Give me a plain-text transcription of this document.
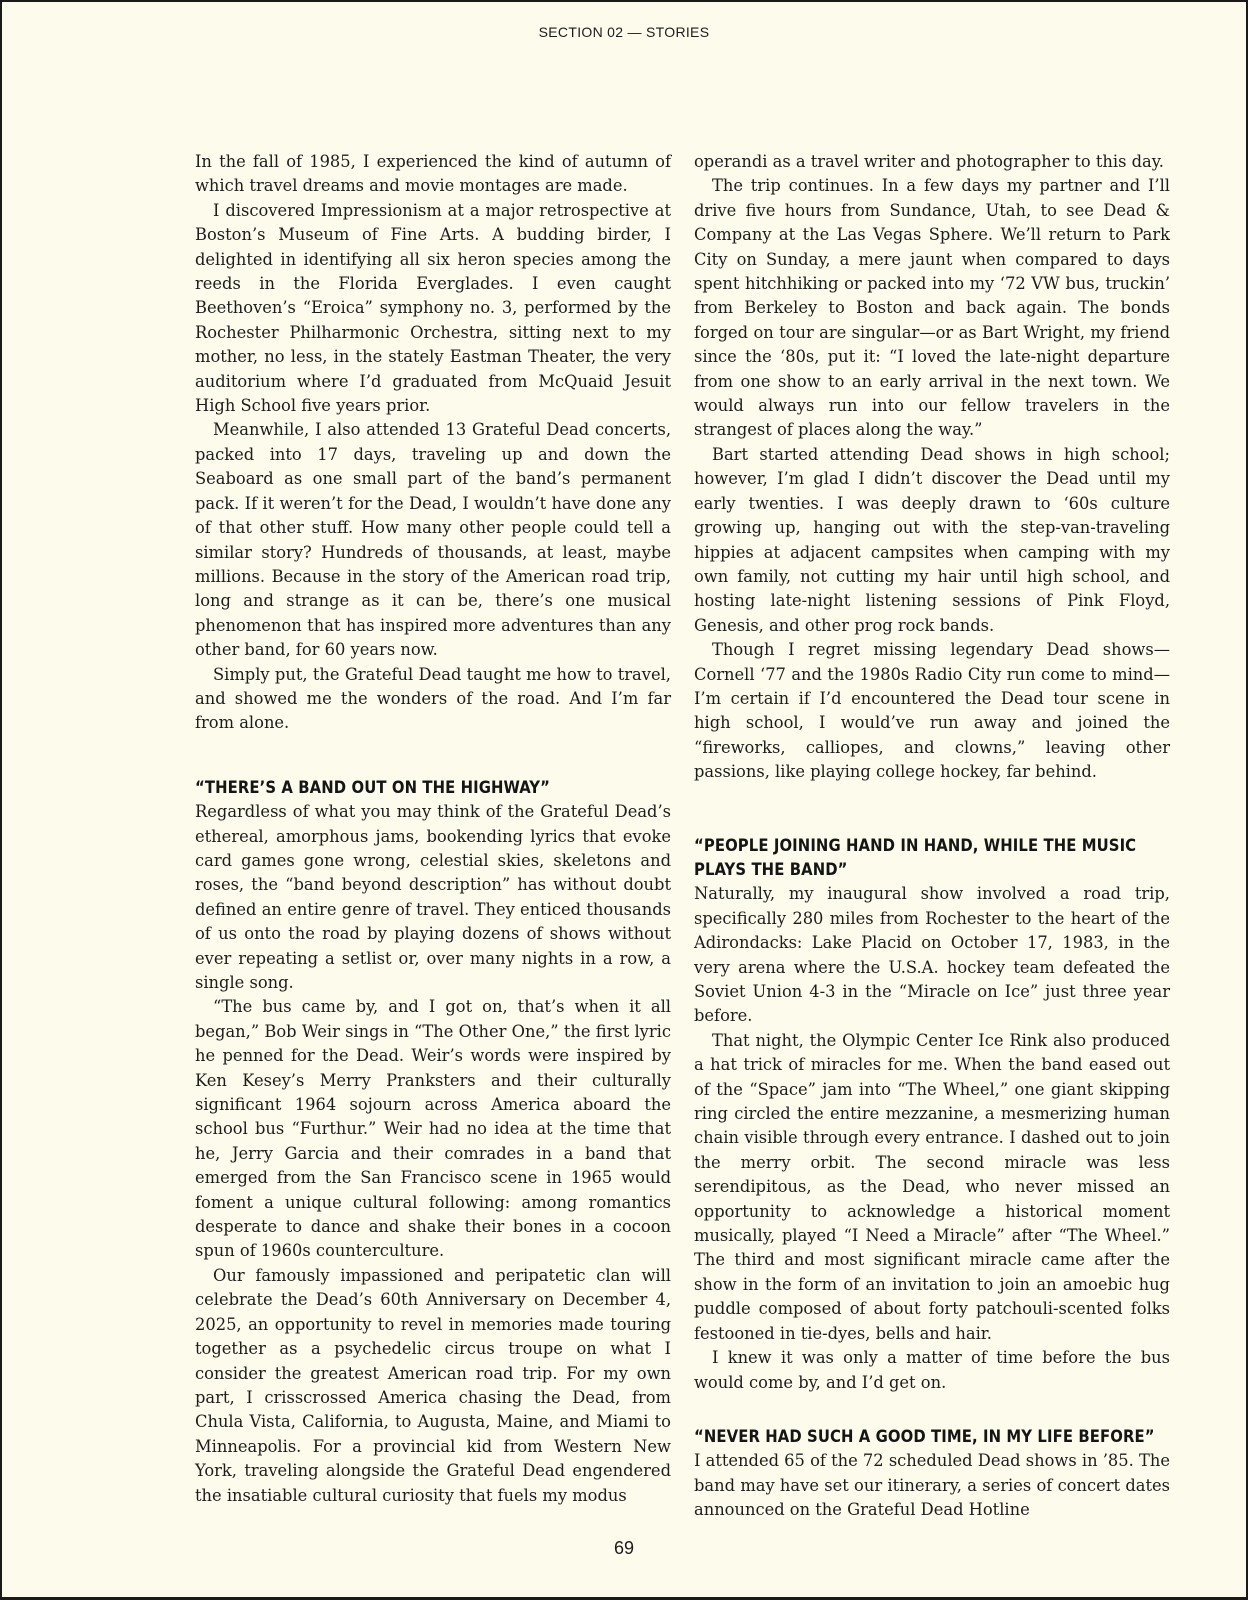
SECTION 02 — STORIES

In the fall of 1985, I experienced the kind of autumn of which travel dreams and movie montages are made.

I discovered Impressionism at a major retrospective at Boston’s Museum of Fine Arts. A budding birder, I delighted in identifying all six heron species among the reeds in the Florida Everglades. I even caught Beethoven’s “Eroica” symphony no. 3, performed by the Rochester Philharmonic Orchestra, sitting next to my mother, no less, in the stately Eastman Theater, the very auditorium where I’d graduated from McQuaid Jesuit High School five years prior.

Meanwhile, I also attended 13 Grateful Dead concerts, packed into 17 days, traveling up and down the Seaboard as one small part of the band’s permanent pack. If it weren’t for the Dead, I wouldn’t have done any of that other stuff. How many other people could tell a similar story? Hundreds of thousands, at least, maybe millions. Because in the story of the American road trip, long and strange as it can be, there’s one musical phenomenon that has inspired more adventures than any other band, for 60 years now.

Simply put, the Grateful Dead taught me how to travel, and showed me the wonders of the road. And I’m far from alone.

“THERE’S A BAND OUT ON THE HIGHWAY”

Regardless of what you may think of the Grateful Dead’s ethereal, amorphous jams, bookending lyrics that evoke card games gone wrong, celestial skies, skeletons and roses, the “band beyond description” has without doubt defined an entire genre of travel. They enticed thousands of us onto the road by playing dozens of shows without ever repeating a setlist or, over many nights in a row, a single song.

“The bus came by, and I got on, that’s when it all began,” Bob Weir sings in “The Other One,” the first lyric he penned for the Dead. Weir’s words were inspired by Ken Kesey’s Merry Pranksters and their culturally significant 1964 sojourn across America aboard the school bus “Furthur.” Weir had no idea at the time that he, Jerry Garcia and their comrades in a band that emerged from the San Francisco scene in 1965 would foment a unique cultural following: among romantics desperate to dance and shake their bones in a cocoon spun of 1960s counterculture.

Our famously impassioned and peripatetic clan will celebrate the Dead’s 60th Anniversary on December 4, 2025, an opportunity to revel in memories made touring together as a psychedelic circus troupe on what I consider the greatest American road trip. For my own part, I crisscrossed America chasing the Dead, from Chula Vista, California, to Augusta, Maine, and Miami to Minneapolis. For a provincial kid from Western New York, traveling alongside the Grateful Dead engendered the insatiable cultural curiosity that fuels my modus

operandi as a travel writer and photographer to this day.

The trip continues. In a few days my partner and I’ll drive five hours from Sundance, Utah, to see Dead & Company at the Las Vegas Sphere. We’ll return to Park City on Sunday, a mere jaunt when compared to days spent hitchhiking or packed into my ‘72 VW bus, truckin’ from Berkeley to Boston and back again. The bonds forged on tour are singular—or as Bart Wright, my friend since the ‘80s, put it: “I loved the late-night departure from one show to an early arrival in the next town. We would always run into our fellow travelers in the strangest of places along the way.”

Bart started attending Dead shows in high school; however, I’m glad I didn’t discover the Dead until my early twenties. I was deeply drawn to ‘60s culture growing up, hanging out with the step-van-traveling hippies at adjacent campsites when camping with my own family, not cutting my hair until high school, and hosting late-night listening sessions of Pink Floyd, Genesis, and other prog rock bands.

Though I regret missing legendary Dead shows—Cornell ‘77 and the 1980s Radio City run come to mind—I’m certain if I’d encountered the Dead tour scene in high school, I would’ve run away and joined the “fireworks, calliopes, and clowns,” leaving other passions, like playing college hockey, far behind.

“PEOPLE JOINING HAND IN HAND, WHILE THE MUSIC PLAYS THE BAND”

Naturally, my inaugural show involved a road trip, specifically 280 miles from Rochester to the heart of the Adirondacks: Lake Placid on October 17, 1983, in the very arena where the U.S.A. hockey team defeated the Soviet Union 4-3 in the “Miracle on Ice” just three year before.

That night, the Olympic Center Ice Rink also produced a hat trick of miracles for me. When the band eased out of the “Space” jam into “The Wheel,” one giant skipping ring circled the entire mezzanine, a mesmerizing human chain visible through every entrance. I dashed out to join the merry orbit. The second miracle was less serendipitous, as the Dead, who never missed an opportunity to acknowledge a historical moment musically, played “I Need a Miracle” after “The Wheel.” The third and most significant miracle came after the show in the form of an invitation to join an amoebic hug puddle composed of about forty patchouli-scented folks festooned in tie-dyes, bells and hair.

I knew it was only a matter of time before the bus would come by, and I’d get on.

“NEVER HAD SUCH A GOOD TIME, IN MY LIFE BEFORE”

I attended 65 of the 72 scheduled Dead shows in ’85. The band may have set our itinerary, a series of concert dates announced on the Grateful Dead Hotline

69
